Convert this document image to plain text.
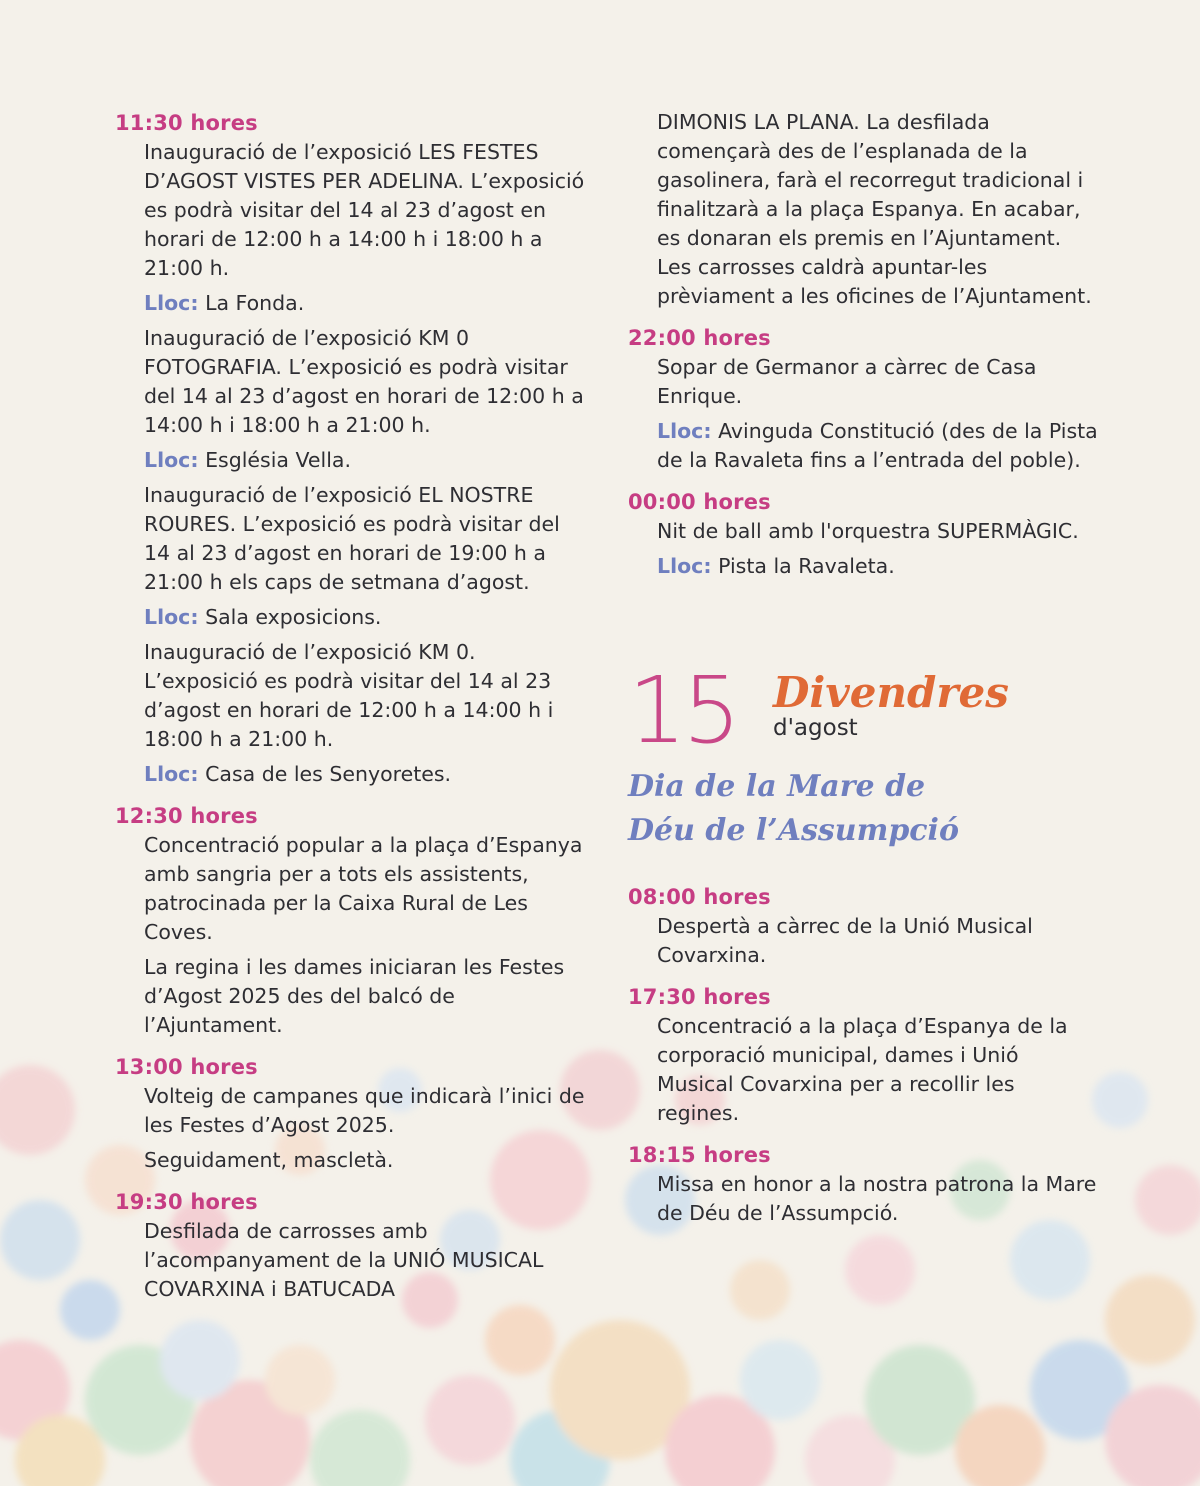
11:30 hores
Inauguració de l’exposició LES FESTES D’AGOST VISTES PER ADELINA. L’exposició es podrà visitar del 14 al 23 d’agost en horari de 12:00 h a 14:00 h i 18:00 h a 21:00 h.
Lloc: La Fonda.
Inauguració de l’exposició KM 0 FOTOGRAFIA. L’exposició es podrà visitar del 14 al 23 d’agost en horari de 12:00 h a 14:00 h i 18:00 h a 21:00 h.
Lloc: Església Vella.
Inauguració de l’exposició EL NOSTRE ROURES. L’exposició es podrà visitar del 14 al 23 d’agost en horari de 19:00 h a 21:00 h els caps de setmana d’agost.
Lloc: Sala exposicions.
Inauguració de l’exposició KM 0. L’exposició es podrà visitar del 14 al 23 d’agost en horari de 12:00 h a 14:00 h i 18:00 h a 21:00 h.
Lloc: Casa de les Senyoretes.
12:30 hores
Concentració popular a la plaça d’Espanya amb sangria per a tots els assistents, patrocinada per la Caixa Rural de Les Coves.
La regina i les dames iniciaran les Festes d’Agost 2025 des del balcó de l’Ajuntament.
13:00 hores
Volteig de campanes que indicarà l’inici de les Festes d’Agost 2025.
Seguidament, mascletà.
19:30 hores
Desfilada de carrosses amb l’acompanyament de la UNIÓ MUSICAL COVARXINA i BATUCADA
DIMONIS LA PLANA. La desfilada començarà des de l’esplanada de la gasolinera, farà el recorregut tradicional i finalitzarà a la plaça Espanya. En acabar, es donaran els premis en l’Ajuntament. Les carrosses caldrà apuntar-les prèviament a les oficines de l’Ajuntament.
22:00 hores
Sopar de Germanor a càrrec de Casa Enrique.
Lloc: Avinguda Constitució (des de la Pista de la Ravaleta fins a l’entrada del poble).
00:00 hores
Nit de ball amb l'orquestra SUPERMÀGIC.
Lloc: Pista la Ravaleta.
15 Divendres
d'agost
Dia de la Mare de
Déu de l’Assumpció
08:00 hores
Despertà a càrrec de la Unió Musical Covarxina.
17:30 hores
Concentració a la plaça d’Espanya de la corporació municipal, dames i Unió Musical Covarxina per a recollir les regines.
18:15 hores
Missa en honor a la nostra patrona la Mare de Déu de l’Assumpció.
